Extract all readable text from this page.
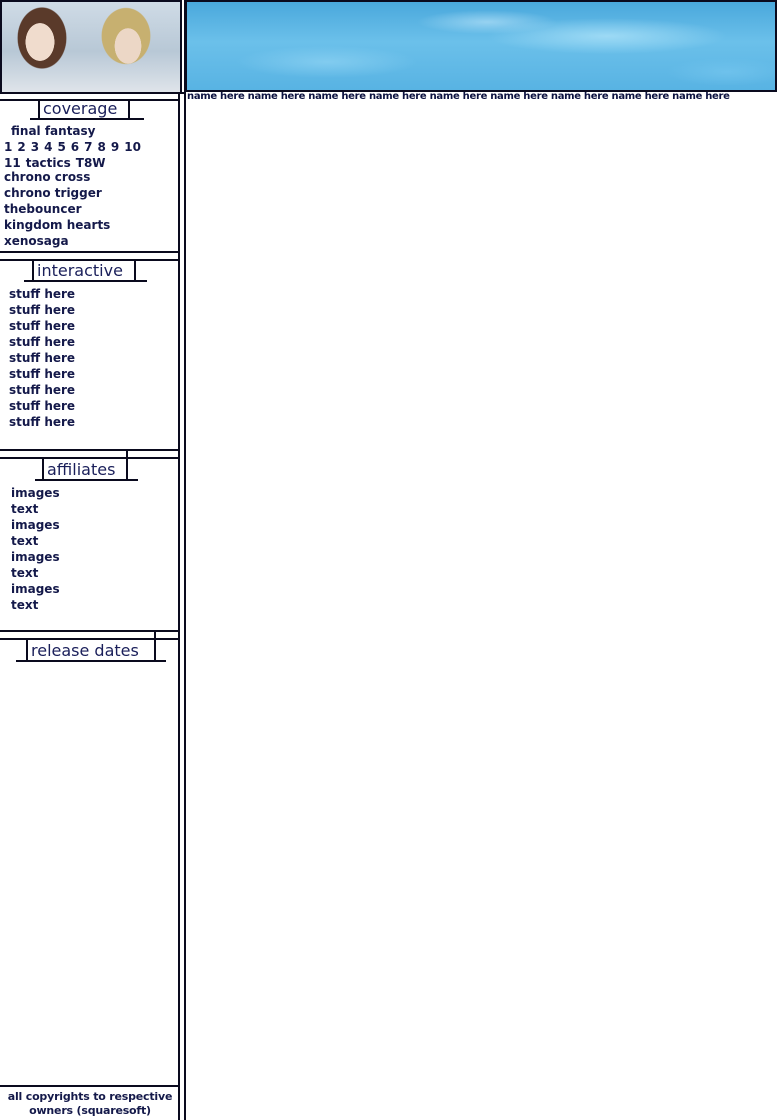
name here name here name here name here name here name here name here name here name here
coverage
final fantasy
1 2 3 4 5 6 7 8 9 10
11 tactics T8W
chrono cross
chrono trigger
thebouncer
kingdom hearts
xenosaga
interactive
stuff here
stuff here
stuff here
stuff here
stuff here
stuff here
stuff here
stuff here
stuff here
affiliates
images
text
images
text
images
text
images
text
release dates
all copyrights to respective
owners (squaresoft)
